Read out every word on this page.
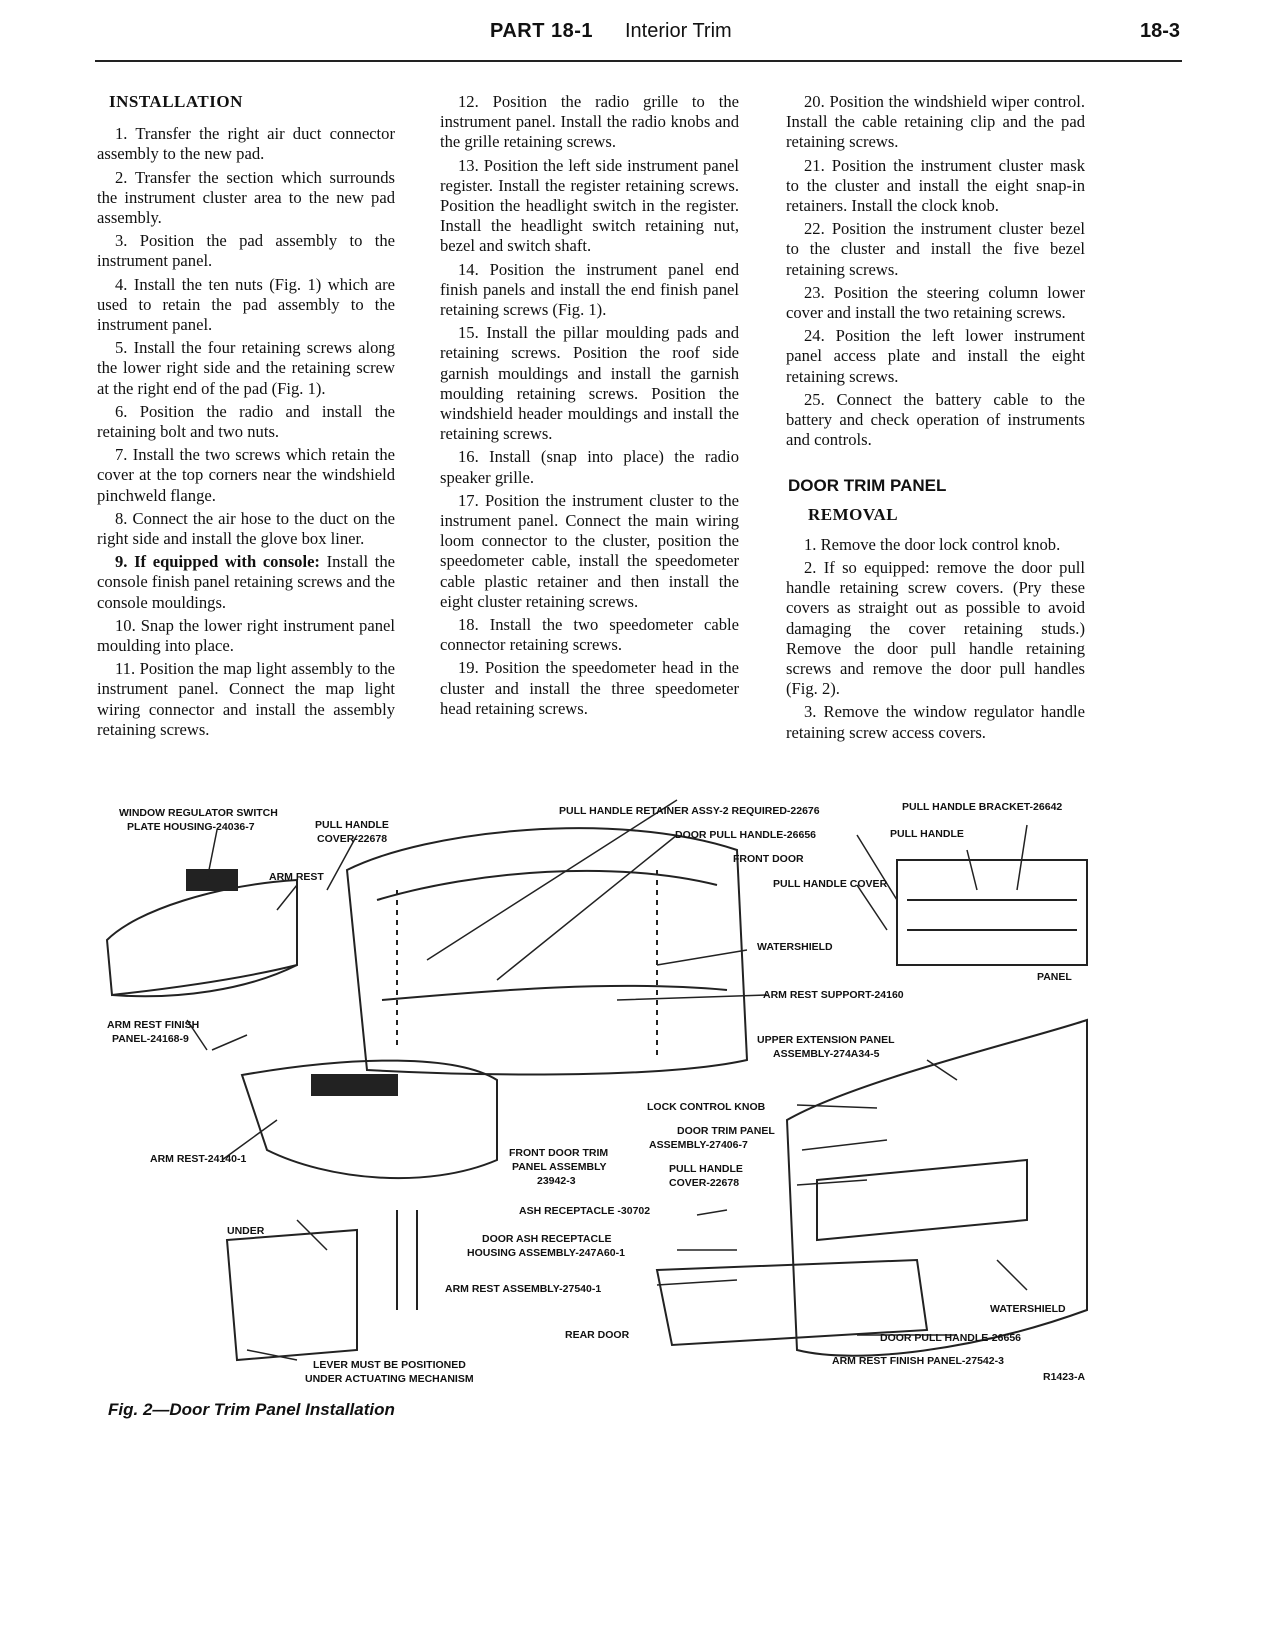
PART 18-1 Interior Trim	18-3
INSTALLATION

1. Transfer the right air duct connector assembly to the new pad.

2. Transfer the section which surrounds the instrument cluster area to the new pad assembly.

3. Position the pad assembly to the instrument panel.

4. Install the ten nuts (Fig. 1) which are used to retain the pad assembly to the instrument panel.

5. Install the four retaining screws along the lower right side and the retaining screw at the right end of the pad (Fig. 1).

6. Position the radio and install the retaining bolt and two nuts.

7. Install the two screws which retain the cover at the top corners near the windshield pinchweld flange.

8. Connect the air hose to the duct on the right side and install the glove box liner.

9. If equipped with console: Install the console finish panel retaining screws and the console mouldings.

10. Snap the lower right instrument panel moulding into place.

11. Position the map light assembly to the instrument panel. Connect the map light wiring connector and install the assembly retaining screws.

12. Position the radio grille to the instrument panel. Install the radio knobs and the grille retaining screws.

13. Position the left side instrument panel register. Install the register retaining screws. Position the headlight switch in the register. Install the headlight switch retaining nut, bezel and switch shaft.

14. Position the instrument panel end finish panels and install the end finish panel retaining screws (Fig. 1).

15. Install the pillar moulding pads and retaining screws. Position the roof side garnish mouldings and install the garnish moulding retaining screws. Position the windshield header mouldings and install the retaining screws.

16. Install (snap into place) the radio speaker grille.

17. Position the instrument cluster to the instrument panel. Connect the main wiring loom connector to the cluster, position the speedometer cable, install the speedometer cable plastic retainer and then install the eight cluster retaining screws.

18. Install the two speedometer cable connector retaining screws.

19. Position the speedometer head in the cluster and install the three speedometer head retaining screws.

20. Position the windshield wiper control. Install the cable retaining clip and the pad retaining screws.

21. Position the instrument cluster mask to the cluster and install the eight snap-in retainers. Install the clock knob.

22. Position the instrument cluster bezel to the cluster and install the five bezel retaining screws.

23. Position the steering column lower cover and install the two retaining screws.

24. Position the left lower instrument panel access plate and install the eight retaining screws.

25. Connect the battery cable to the battery and check operation of instruments and controls.

DOOR TRIM PANEL
REMOVAL

1. Remove the door lock control knob.

2. If so equipped: remove the door pull handle retaining screw covers. (Pry these covers as straight out as possible to avoid damaging the cover retaining studs.) Remove the door pull handle retaining screws and remove the door pull handles (Fig. 2).

3. Remove the window regulator handle retaining screw access covers.

WINDOW REGULATOR SWITCH
PLATE HOUSING-24036-7	PULL HANDLE
COVER-22678
PULL HANDLE RETAINER ASSY-2 REQUIRED-22676	PULL HANDLE BRACKET-26642
DOOR PULL HANDLE-26656	PULL HANDLE
FRONT DOOR
ARM REST
PULL HANDLE COVER
WATERSHIELD
PANEL
ARM REST SUPPORT-24160
ARM REST FINISH
PANEL-24168-9	UPPER EXTENSION PANEL
ASSEMBLY-274A34-5
LOCK CONTROL KNOB
DOOR TRIM PANEL
ASSEMBLY-27406-7
ARM REST-24140-1	FRONT DOOR TRIM
PANEL ASSEMBLY
23942-3
PULL HANDLE
COVER-22678
ASH RECEPTACLE -30702
UNDER
DOOR ASH RECEPTACLE
HOUSING ASSEMBLY-247A60-1
ARM REST ASSEMBLY-27540-1
WATERSHIELD
REAR DOOR	DOOR PULL HANDLE-26656
LEVER MUST BE POSITIONED
UNDER ACTUATING MECHANISM
ARM REST FINISH PANEL-27542-3
R1423-A
Fig. 2—Door Trim Panel Installation
